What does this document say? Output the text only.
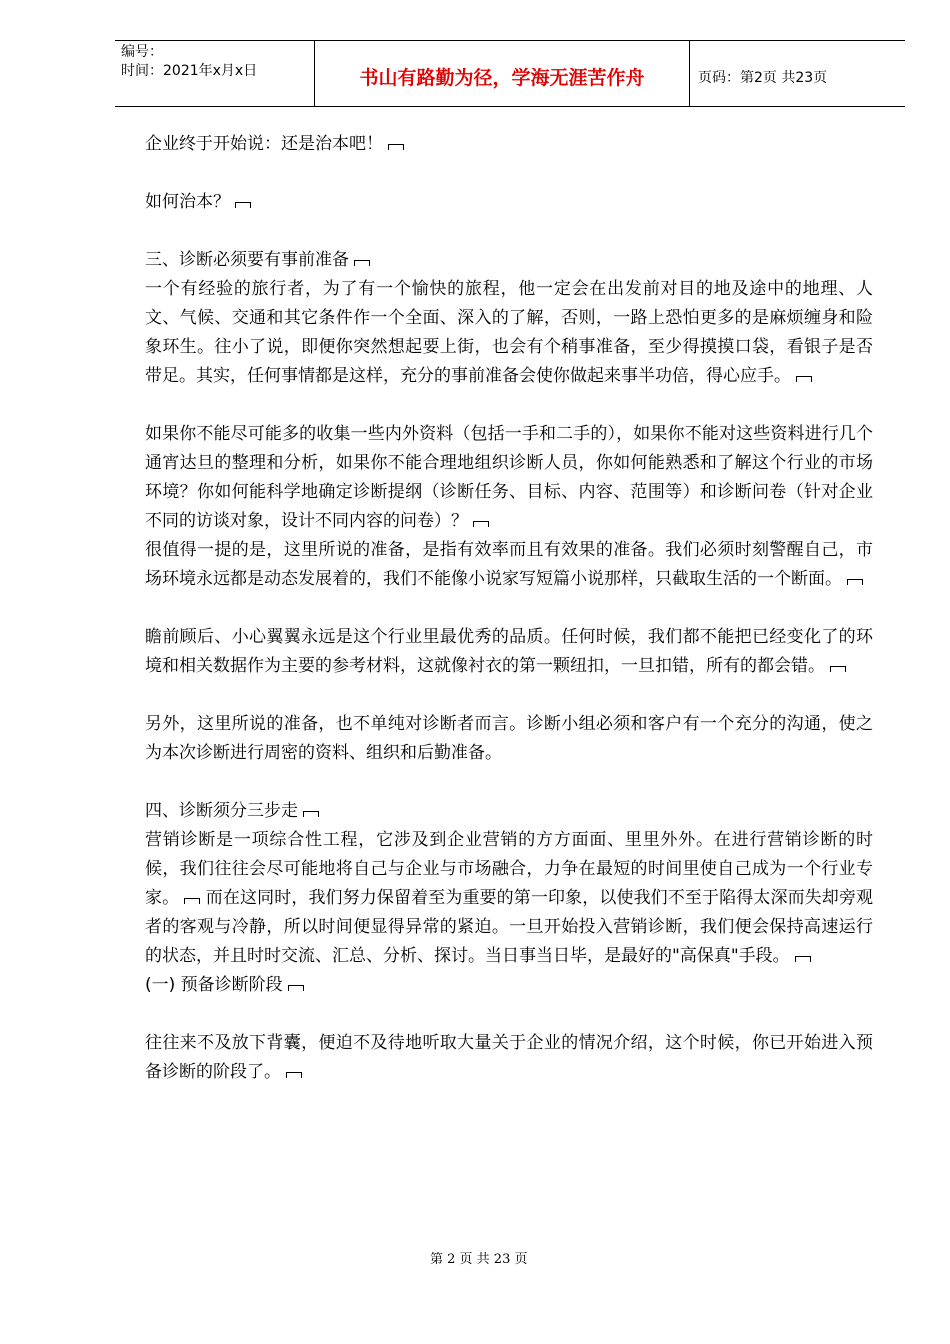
编号：
时间：2021年x月x日	书山有路勤为径，学海无涯苦作舟	页码：第2页 共23页

企业终于开始说：还是治本吧！

如何治本？

三、诊断必须要有事前准备

一个有经验的旅行者，为了有一个愉快的旅程，他一定会在出发前对目的地及途中的地理、人文、气候、交通和其它条件作一个全面、深入的了解，否则，一路上恐怕更多的是麻烦缠身和险象环生。往小了说，即便你突然想起要上街，也会有个稍事准备，至少得摸摸口袋，看银子是否带足。其实，任何事情都是这样，充分的事前准备会使你做起来事半功倍，得心应手。

如果你不能尽可能多的收集一些内外资料（包括一手和二手的），如果你不能对这些资料进行几个通宵达旦的整理和分析，如果你不能合理地组织诊断人员，你如何能熟悉和了解这个行业的市场环境？你如何能科学地确定诊断提纲（诊断任务、目标、内容、范围等）和诊断问卷（针对企业不同的访谈对象，设计不同内容的问卷）？

很值得一提的是，这里所说的准备，是指有效率而且有效果的准备。我们必须时刻警醒自己，市场环境永远都是动态发展着的，我们不能像小说家写短篇小说那样，只截取生活的一个断面。

瞻前顾后、小心翼翼永远是这个行业里最优秀的品质。任何时候，我们都不能把已经变化了的环境和相关数据作为主要的参考材料，这就像衬衣的第一颗纽扣，一旦扣错，所有的都会错。

另外，这里所说的准备，也不单纯对诊断者而言。诊断小组必须和客户有一个充分的沟通，使之为本次诊断进行周密的资料、组织和后勤准备。

四、诊断须分三步走

营销诊断是一项综合性工程，它涉及到企业营销的方方面面、里里外外。在进行营销诊断的时候，我们往往会尽可能地将自己与企业与市场融合，力争在最短的时间里使自己成为一个行业专家。 而在这同时，我们努力保留着至为重要的第一印象，以使我们不至于陷得太深而失却旁观者的客观与冷静，所以时间便显得异常的紧迫。一旦开始投入营销诊断，我们便会保持高速运行的状态，并且时时交流、汇总、分析、探讨。当日事当日毕，是最好的"高保真"手段。

(一) 预备诊断阶段

往往来不及放下背囊，便迫不及待地听取大量关于企业的情况介绍，这个时候，你已开始进入预备诊断的阶段了。

第 2 页 共 23 页
